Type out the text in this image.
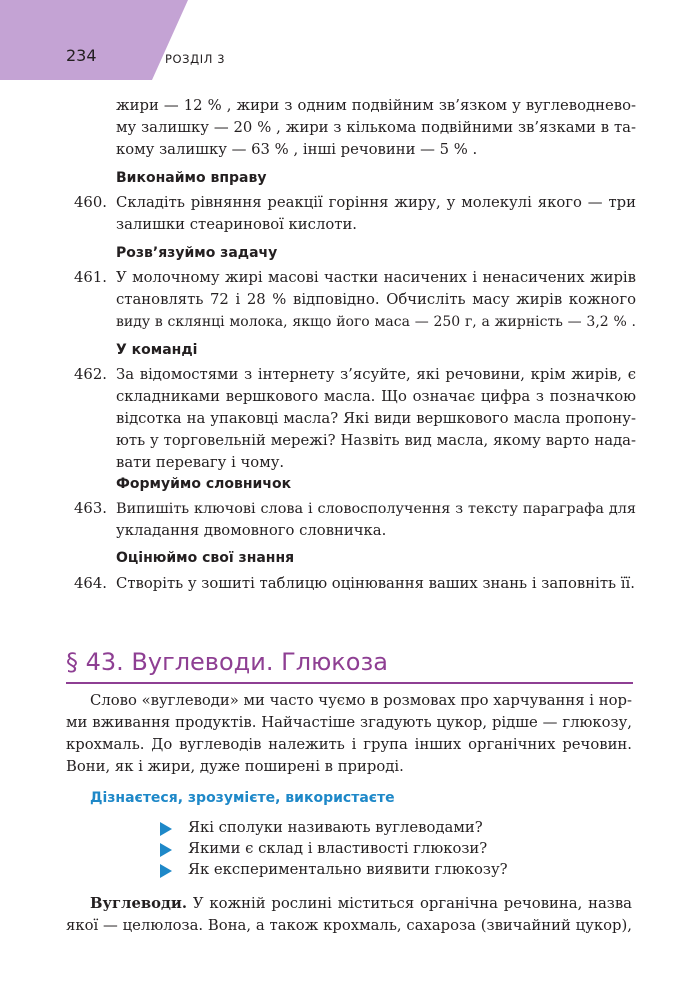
234	РОЗДІЛ 3
жири — 12 % , жири з одним подвійним зв’язком у вуглеводнево-
му залишку — 20 % , жири з кількома подвійними зв’язками в та-
кому залишку — 63 % , інші речовини — 5 % .
Виконаймо вправу
460. Складіть рівняння реакції горіння жиру, у молекулі якого — три
залишки стеаринової кислоти.
Розв’язуймо задачу
461. У молочному жирі масові частки насичених і ненасичених жирів
становлять 72 і 28 % відповідно. Обчисліть масу жирів кожного
виду в склянці молока, якщо його маса — 250 г, а жирність — 3,2 % .
У команді
462. За відомостями з інтернету з’ясуйте, які речовини, крім жирів, є
складниками вершкового масла. Що означає цифра з позначкою
відсотка на упаковці масла? Які види вершкового масла пропону-
ють у торговельній мережі? Назвіть вид масла, якому варто нада-
вати перевагу і чому.
Формуймо словничок
463. Випишіть ключові слова і словосполучення з тексту параграфа для
укладання двомовного словничка.
Оцінюймо свої знання
464. Створіть у зошиті таблицю оцінювання ваших знань і заповніть її.
§ 43. Вуглеводи. Глюкоза
Слово «вуглеводи» ми часто чуємо в розмовах про харчування і нор-
ми вживання продуктів. Найчастіше згадують цукор, рідше — глюкозу,
крохмаль. До вуглеводів належить і група інших органічних речовин.
Вони, як і жири, дуже поширені в природі.
Дізнаєтеся, зрозумієте, використаєте
Які сполуки називають вуглеводами?
Якими є склад і властивості глюкози?
Як експериментально виявити глюкозу?
Вуглеводи. У кожній рослині міститься органічна речовина, назва
якої — целюлоза. Вона, а також крохмаль, сахароза (звичайний цукор),
